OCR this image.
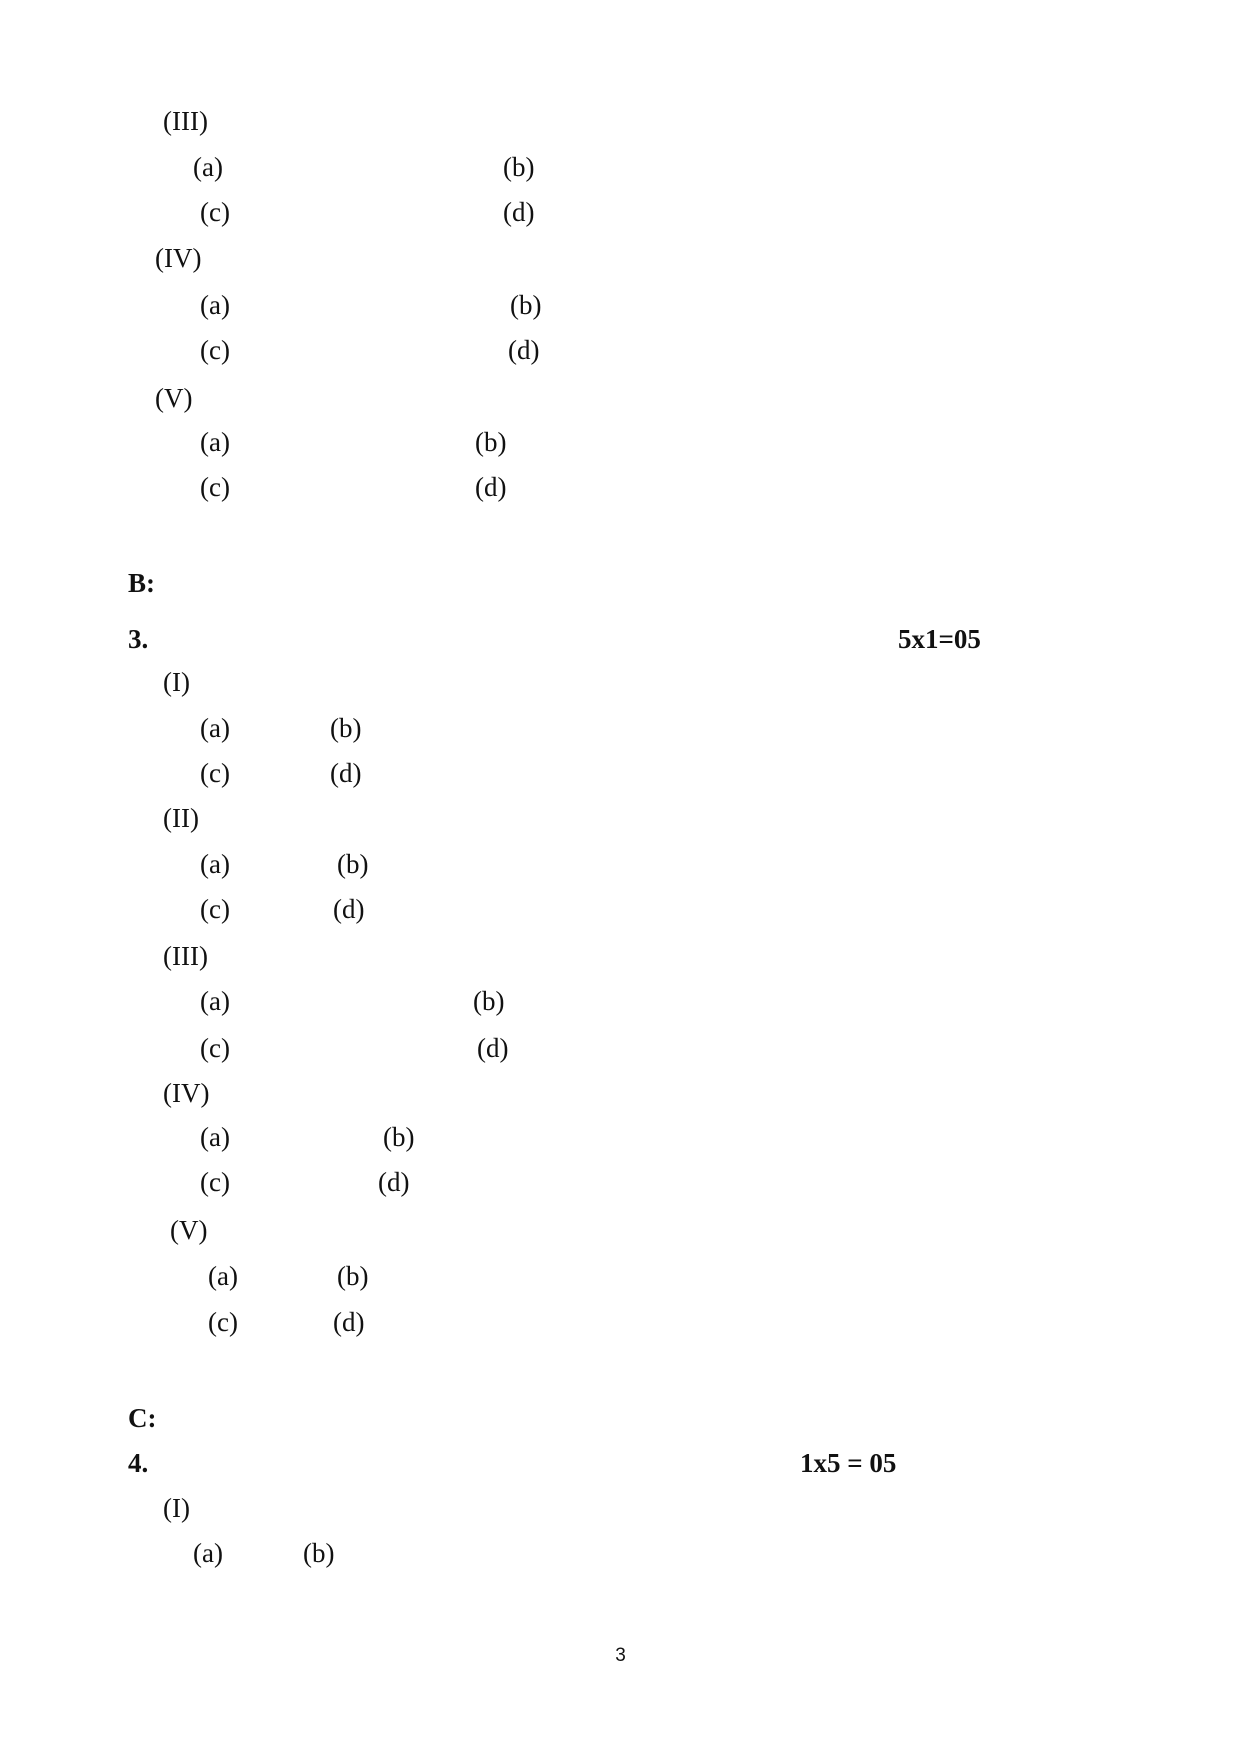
(III)
(a)	(b)
(c)	(d)
(IV)
(a)	(b)
(c)	(d)
(V)
(a)	(b)
(c)	(d)
B:
3.	5x1=05
(I)
(a)	(b)
(c)	(d)
(II)
(a)	(b)
(c)	(d)
(III)
(a)	(b)
(c)	(d)
(IV)
(a)	(b)
(c)	(d)
(V)
(a)	(b)
(c)	(d)
C:
4.	1x5 = 05
(I)
(a)	(b)
3
